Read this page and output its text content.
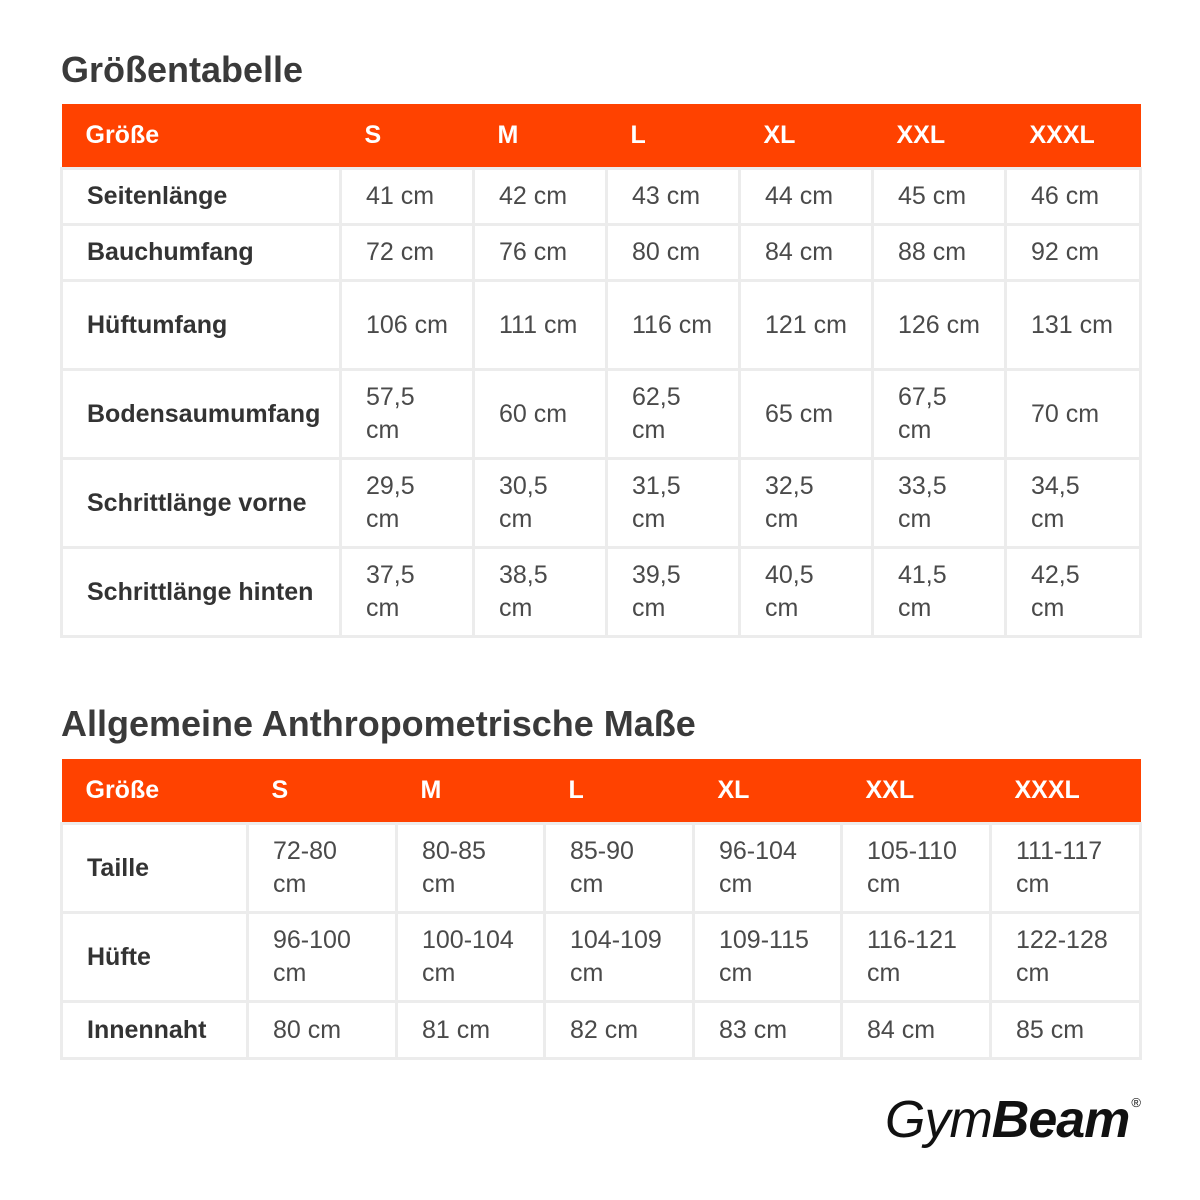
Größentabelle
Größe	S	M	L	XL	XXL	XXXL
Seitenlänge	41 cm	42 cm	43 cm	44 cm	45 cm	46 cm
Bauchumfang	72 cm	76 cm	80 cm	84 cm	88 cm	92 cm
Hüftumfang	106 cm	111 cm	116 cm	121 cm	126 cm	131 cm
Bodensaumumfang	57,5 cm	60 cm	62,5 cm	65 cm	67,5 cm	70 cm
Schrittlänge vorne	29,5 cm	30,5 cm	31,5 cm	32,5 cm	33,5 cm	34,5 cm
Schrittlänge hinten	37,5 cm	38,5 cm	39,5 cm	40,5 cm	41,5 cm	42,5 cm
Allgemeine Anthropometrische Maße
Größe	S	M	L	XL	XXL	XXXL
Taille	72-80 cm	80-85 cm	85-90 cm	96-104 cm	105-110 cm	111-117 cm
Hüfte	96-100 cm	100-104 cm	104-109 cm	109-115 cm	116-121 cm	122-128 cm
Innennaht	80 cm	81 cm	82 cm	83 cm	84 cm	85 cm
GymBeam ®
